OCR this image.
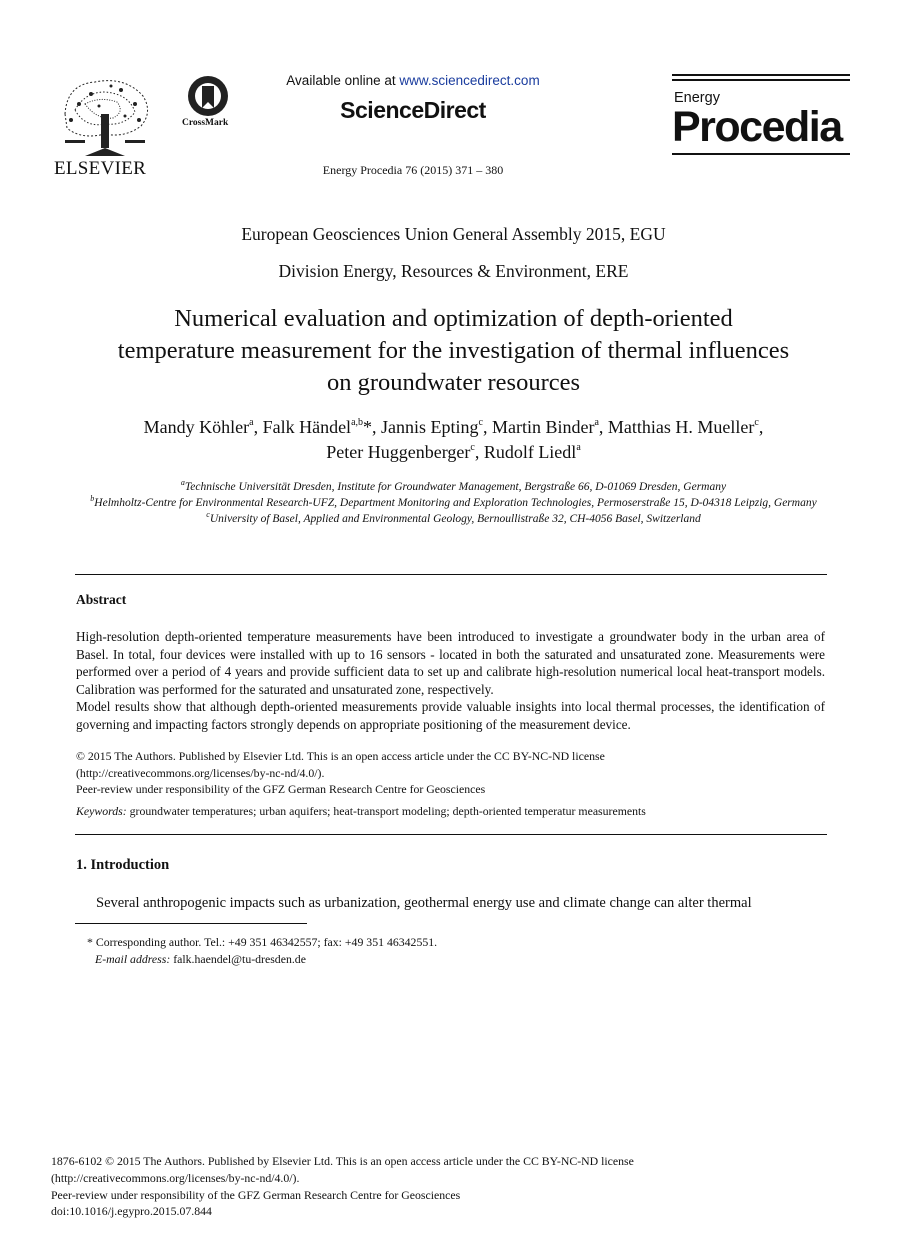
ELSEVIER
CrossMark
Available online at www.sciencedirect.com
ScienceDirect
Energy Procedia 76 (2015) 371 – 380
Energy
Procedia
European Geosciences Union General Assembly 2015, EGU
Division Energy, Resources & Environment, ERE
Numerical evaluation and optimization of depth-oriented
temperature measurement for the investigation of thermal influences
on groundwater resources
Mandy Köhler$^a$, Falk Händel$^{a,b}$*, Jannis Epting$^c$, Martin Binder$^a$, Matthias H. Mueller$^c$,
Peter Huggenberger$^c$, Rudolf Liedl$^a$
$^a$Technische Universität Dresden, Institute for Groundwater Management, Bergstraße 66, D-01069 Dresden, Germany
$^b$Helmholtz-Centre for Environmental Research-UFZ, Department Monitoring and Exploration Technologies, Permoserstraße 15, D-04318 Leipzig, Germany
$^c$University of Basel, Applied and Environmental Geology, Bernoullistraße 32, CH-4056 Basel, Switzerland
Abstract

High-resolution depth-oriented temperature measurements have been introduced to investigate a groundwater body in the urban area of Basel. In total, four devices were installed with up to 16 sensors - located in both the saturated and unsaturated zone. Measurements were performed over a period of 4 years and provide sufficient data to set up and calibrate high-resolution numerical local heat-transport models. Calibration was performed for the saturated and unsaturated zone, respectively.

Model results show that although depth-oriented measurements provide valuable insights into local thermal processes, the identification of governing and impacting factors strongly depends on appropriate positioning of the measurement device.

© 2015 The Authors. Published by Elsevier Ltd. This is an open access article under the CC BY-NC-ND license

(http://creativecommons.org/licenses/by-nc-nd/4.0/).

Peer-review under responsibility of the GFZ German Research Centre for Geosciences

Keywords: groundwater temperatures; urban aquifers; heat-transport modeling; depth-oriented temperatur measurements
1. Introduction
Several anthropogenic impacts such as urbanization, geothermal energy use and climate change can alter thermal
* Corresponding author. Tel.: +49 351 46342557; fax: +49 351 46342551.
E-mail address: falk.haendel@tu-dresden.de

1876-6102 © 2015 The Authors. Published by Elsevier Ltd. This is an open access article under the CC BY-NC-ND license

(http://creativecommons.org/licenses/by-nc-nd/4.0/).

Peer-review under responsibility of the GFZ German Research Centre for Geosciences

doi:10.1016/j.egypro.2015.07.844
